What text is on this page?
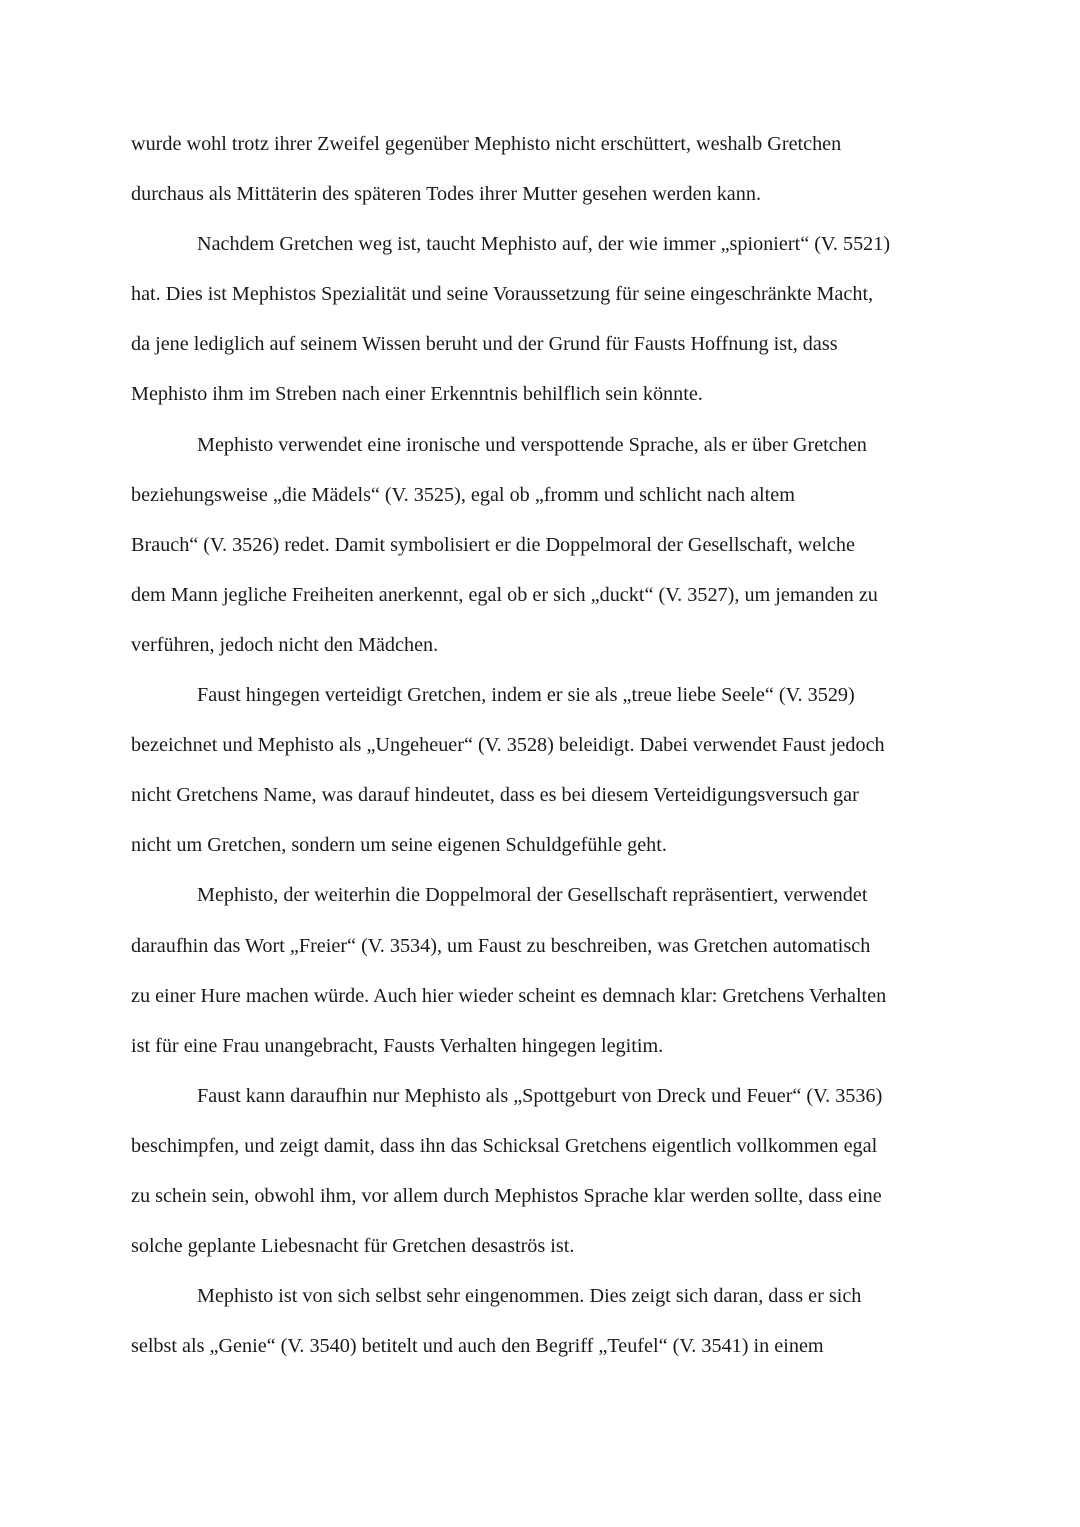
wurde wohl trotz ihrer Zweifel gegenüber Mephisto nicht erschüttert, weshalb Gretchen
durchaus als Mittäterin des späteren Todes ihrer Mutter gesehen werden kann.
Nachdem Gretchen weg ist, taucht Mephisto auf, der wie immer „spioniert“ (V. 5521)
hat. Dies ist Mephistos Spezialität und seine Voraussetzung für seine eingeschränkte Macht,
da jene lediglich auf seinem Wissen beruht und der Grund für Fausts Hoffnung ist, dass
Mephisto ihm im Streben nach einer Erkenntnis behilflich sein könnte.
Mephisto verwendet eine ironische und verspottende Sprache, als er über Gretchen
beziehungsweise „die Mädels“ (V. 3525), egal ob „fromm und schlicht nach altem
Brauch“ (V. 3526) redet. Damit symbolisiert er die Doppelmoral der Gesellschaft, welche
dem Mann jegliche Freiheiten anerkennt, egal ob er sich „duckt“ (V. 3527), um jemanden zu
verführen, jedoch nicht den Mädchen.
Faust hingegen verteidigt Gretchen, indem er sie als „treue liebe Seele“ (V. 3529)
bezeichnet und Mephisto als „Ungeheuer“ (V. 3528) beleidigt. Dabei verwendet Faust jedoch
nicht Gretchens Name, was darauf hindeutet, dass es bei diesem Verteidigungsversuch gar
nicht um Gretchen, sondern um seine eigenen Schuldgefühle geht.
Mephisto, der weiterhin die Doppelmoral der Gesellschaft repräsentiert, verwendet
daraufhin das Wort „Freier“ (V. 3534), um Faust zu beschreiben, was Gretchen automatisch
zu einer Hure machen würde. Auch hier wieder scheint es demnach klar: Gretchens Verhalten
ist für eine Frau unangebracht, Fausts Verhalten hingegen legitim.
Faust kann daraufhin nur Mephisto als „Spottgeburt von Dreck und Feuer“ (V. 3536)
beschimpfen, und zeigt damit, dass ihn das Schicksal Gretchens eigentlich vollkommen egal
zu schein sein, obwohl ihm, vor allem durch Mephistos Sprache klar werden sollte, dass eine
solche geplante Liebesnacht für Gretchen desaströs ist.
Mephisto ist von sich selbst sehr eingenommen. Dies zeigt sich daran, dass er sich
selbst als „Genie“ (V. 3540) betitelt und auch den Begriff „Teufel“ (V. 3541) in einem
